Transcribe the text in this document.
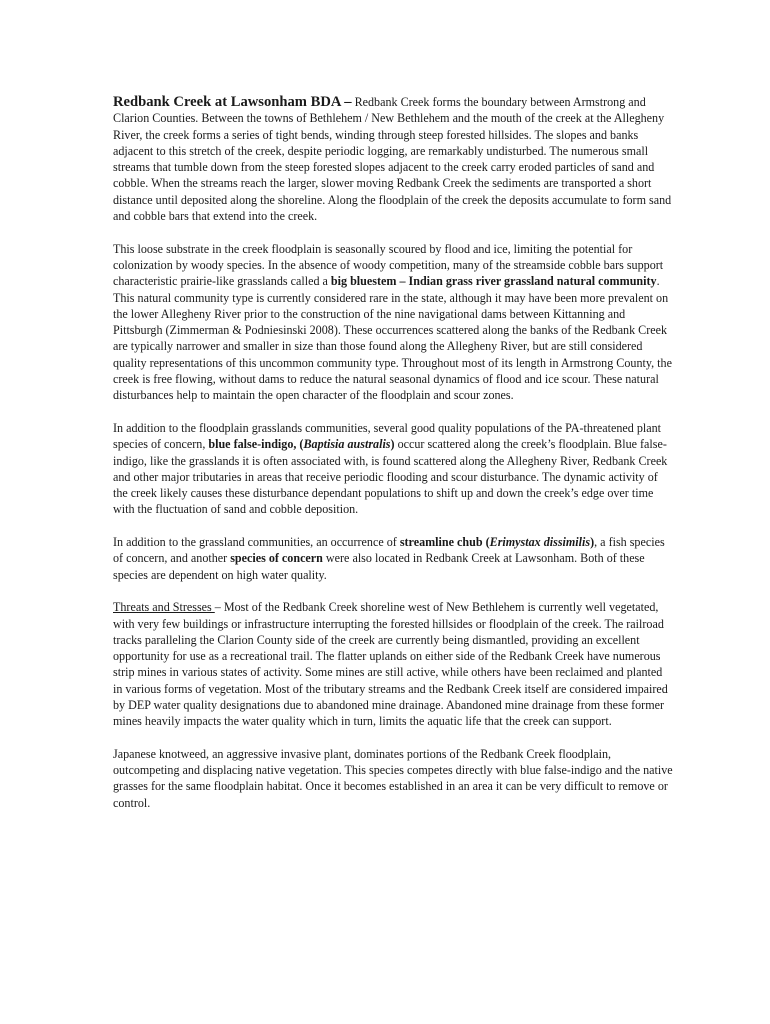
Redbank Creek at Lawsonham BDA – Redbank Creek forms the boundary between Armstrong and Clarion Counties. Between the towns of Bethlehem / New Bethlehem and the mouth of the creek at the Allegheny River, the creek forms a series of tight bends, winding through steep forested hillsides. The slopes and banks adjacent to this stretch of the creek, despite periodic logging, are remarkably undisturbed. The numerous small streams that tumble down from the steep forested slopes adjacent to the creek carry eroded particles of sand and cobble. When the streams reach the larger, slower moving Redbank Creek the sediments are transported a short distance until deposited along the shoreline. Along the floodplain of the creek the deposits accumulate to form sand and cobble bars that extend into the creek.

This loose substrate in the creek floodplain is seasonally scoured by flood and ice, limiting the potential for colonization by woody species. In the absence of woody competition, many of the streamside cobble bars support characteristic prairie-like grasslands called a big bluestem – Indian grass river grassland natural community. This natural community type is currently considered rare in the state, although it may have been more prevalent on the lower Allegheny River prior to the construction of the nine navigational dams between Kittanning and Pittsburgh (Zimmerman & Podniesinski 2008). These occurrences scattered along the banks of the Redbank Creek are typically narrower and smaller in size than those found along the Allegheny River, but are still considered quality representations of this uncommon community type. Throughout most of its length in Armstrong County, the creek is free flowing, without dams to reduce the natural seasonal dynamics of flood and ice scour. These natural disturbances help to maintain the open character of the floodplain and scour zones.

In addition to the floodplain grasslands communities, several good quality populations of the PA-threatened plant species of concern, blue false-indigo, (Baptisia australis) occur scattered along the creek’s floodplain. Blue false-indigo, like the grasslands it is often associated with, is found scattered along the Allegheny River, Redbank Creek and other major tributaries in areas that receive periodic flooding and scour disturbance. The dynamic activity of the creek likely causes these disturbance dependant populations to shift up and down the creek’s edge over time with the fluctuation of sand and cobble deposition.

In addition to the grassland communities, an occurrence of streamline chub (Erimystax dissimilis), a fish species of concern, and another species of concern were also located in Redbank Creek at Lawsonham. Both of these species are dependent on high water quality.

Threats and Stresses – Most of the Redbank Creek shoreline west of New Bethlehem is currently well vegetated, with very few buildings or infrastructure interrupting the forested hillsides or floodplain of the creek. The railroad tracks paralleling the Clarion County side of the creek are currently being dismantled, providing an excellent opportunity for use as a recreational trail. The flatter uplands on either side of the Redbank Creek have numerous strip mines in various states of activity. Some mines are still active, while others have been reclaimed and planted in various forms of vegetation. Most of the tributary streams and the Redbank Creek itself are considered impaired by DEP water quality designations due to abandoned mine drainage. Abandoned mine drainage from these former mines heavily impacts the water quality which in turn, limits the aquatic life that the creek can support.

Japanese knotweed, an aggressive invasive plant, dominates portions of the Redbank Creek floodplain, outcompeting and displacing native vegetation. This species competes directly with blue false-indigo and the native grasses for the same floodplain habitat. Once it becomes established in an area it can be very difficult to remove or control.
